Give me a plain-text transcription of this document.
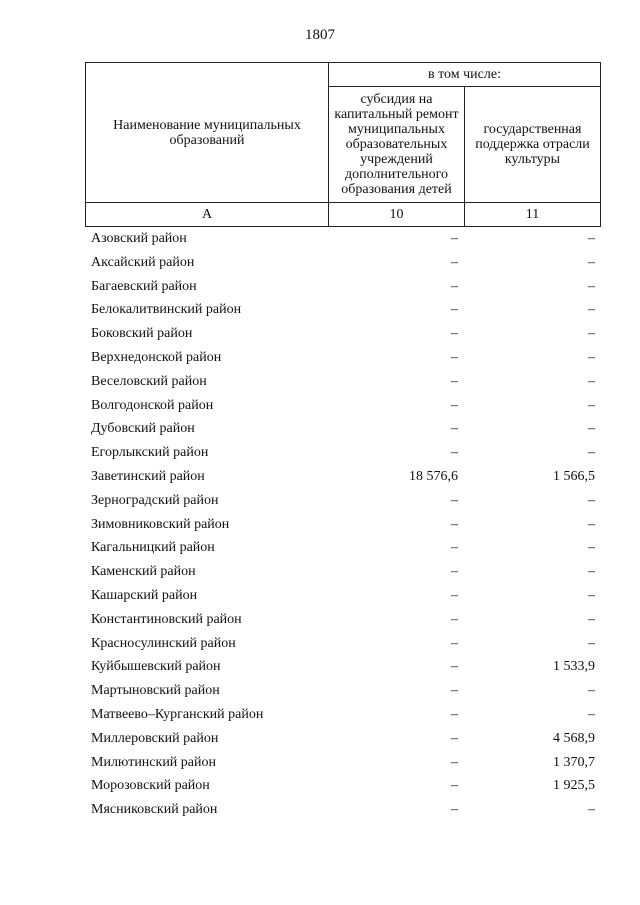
1807
Наименование муниципальных образований	в том числе:	
	субсидия на капитальный ремонт муниципальных образовательных учреждений дополнительного образования детей	государственная поддержка отрасли культуры
А	10	11
Азовский район	–	–
Аксайский район	–	–
Багаевский район	–	–
Белокалитвинский район	–	–
Боковский район	–	–
Верхнедонской район	–	–
Веселовский район	–	–
Волгодонской район	–	–
Дубовский район	–	–
Егорлыкский район	–	–
Заветинский район	18 576,6	1 566,5
Зерноградский район	–	–
Зимовниковский район	–	–
Кагальницкий район	–	–
Каменский район	–	–
Кашарский район	–	–
Константиновский район	–	–
Красносулинский район	–	–
Куйбышевский район	–	1 533,9
Мартыновский район	–	–
Матвеево–Курганский район	–	–
Миллеровский район	–	4 568,9
Милютинский район	–	1 370,7
Морозовский район	–	1 925,5
Мясниковский район	–	–
